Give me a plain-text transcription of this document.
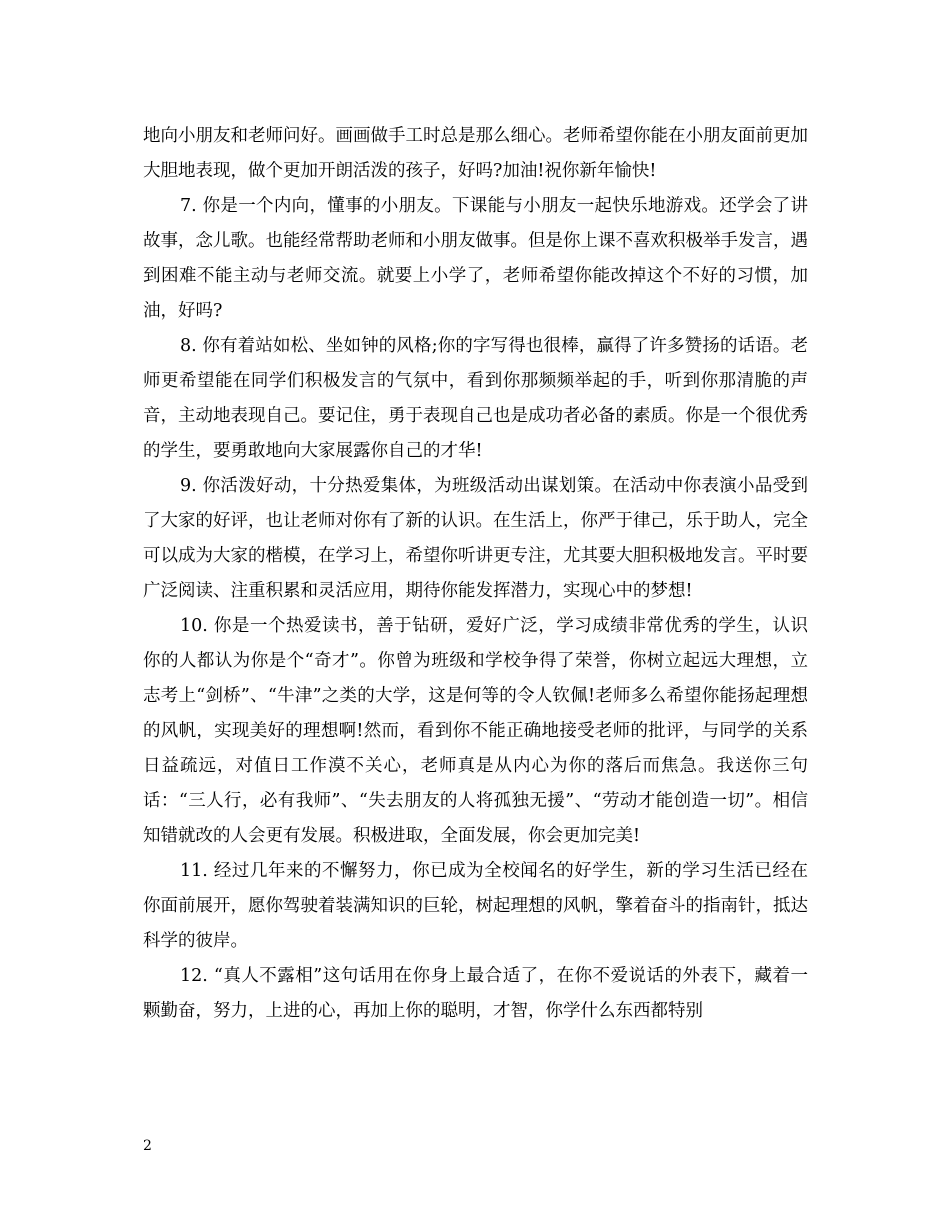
地向小朋友和老师问好。画画做手工时总是那么细心。老师希望你能在小朋友面前更加大胆地表现，做个更加开朗活泼的孩子，好吗?加油!祝你新年愉快!

7. 你是一个内向，懂事的小朋友。下课能与小朋友一起快乐地游戏。还学会了讲故事，念儿歌。也能经常帮助老师和小朋友做事。但是你上课不喜欢积极举手发言，遇到困难不能主动与老师交流。就要上小学了，老师希望你能改掉这个不好的习惯，加油，好吗?

8. 你有着站如松、坐如钟的风格;你的字写得也很棒，赢得了许多赞扬的话语。老师更希望能在同学们积极发言的气氛中，看到你那频频举起的手，听到你那清脆的声音，主动地表现自己。要记住，勇于表现自己也是成功者必备的素质。你是一个很优秀的学生，要勇敢地向大家展露你自己的才华!

9. 你活泼好动，十分热爱集体，为班级活动出谋划策。在活动中你表演小品受到了大家的好评，也让老师对你有了新的认识。在生活上，你严于律己，乐于助人，完全可以成为大家的楷模，在学习上，希望你听讲更专注，尤其要大胆积极地发言。平时要广泛阅读、注重积累和灵活应用，期待你能发挥潜力，实现心中的梦想!

10. 你是一个热爱读书，善于钻研，爱好广泛，学习成绩非常优秀的学生，认识你的人都认为你是个“奇才”。你曾为班级和学校争得了荣誉，你树立起远大理想，立志考上“剑桥”、“牛津”之类的大学，这是何等的令人钦佩!老师多么希望你能扬起理想的风帆，实现美好的理想啊!然而，看到你不能正确地接受老师的批评，与同学的关系日益疏远，对值日工作漠不关心，老师真是从内心为你的落后而焦急。我送你三句话：“三人行，必有我师”、“失去朋友的人将孤独无援”、“劳动才能创造一切”。相信知错就改的人会更有发展。积极进取，全面发展，你会更加完美!

11. 经过几年来的不懈努力，你已成为全校闻名的好学生，新的学习生活已经在你面前展开，愿你驾驶着装满知识的巨轮，树起理想的风帆，擎着奋斗的指南针，抵达科学的彼岸。

12. “真人不露相”这句话用在你身上最合适了，在你不爱说话的外表下，藏着一颗勤奋，努力，上进的心，再加上你的聪明，才智，你学什么东西都特别

2
